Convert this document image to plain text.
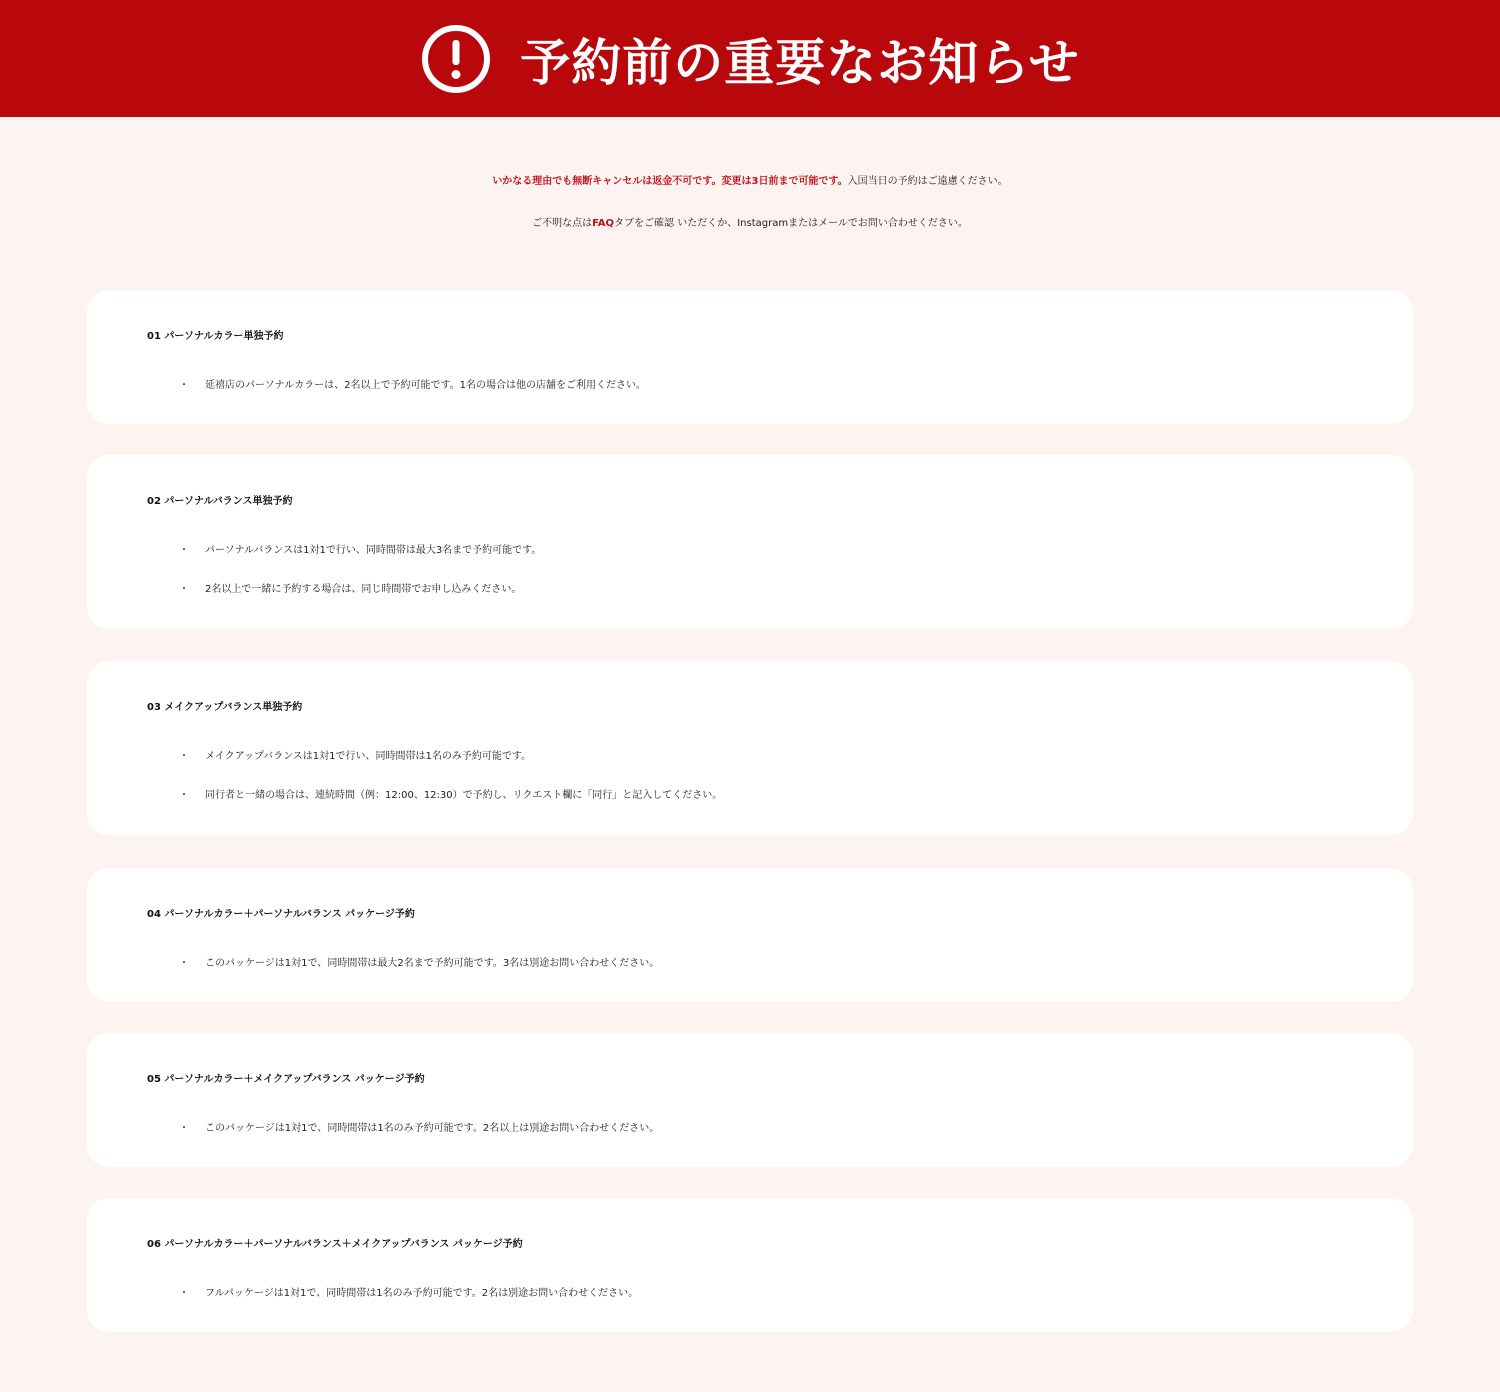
予約前の重要なお知らせ
いかなる理由でも無断キャンセルは返金不可です。変更は3日前まで可能です。入国当日の予約はご遠慮ください。
ご不明な点はFAQタブをご確認 いただくか、Instagramまたはメールでお問い合わせください。
01 パーソナルカラー単独予約
・ 延禧店のパーソナルカラーは、2名以上で予約可能です。1名の場合は他の店舗をご利用ください。
02 パーソナルバランス単独予約
・ パーソナルバランスは1対1で行い、同時間帯は最大3名まで予約可能です。
・ 2名以上で一緒に予約する場合は、同じ時間帯でお申し込みください。
03 メイクアップバランス単独予約
・ メイクアップバランスは1対1で行い、同時間帯は1名のみ予約可能です。
・ 同行者と一緒の場合は、連続時間（例：12:00、12:30）で予約し、リクエスト欄に「同行」と記入してください。
04 パーソナルカラー＋パーソナルバランス パッケージ予約
・ このパッケージは1対1で、同時間帯は最大2名まで予約可能です。3名は別途お問い合わせください。
05 パーソナルカラー＋メイクアップバランス パッケージ予約
・ このパッケージは1対1で、同時間帯は1名のみ予約可能です。2名以上は別途お問い合わせください。
06 パーソナルカラー＋パーソナルバランス＋メイクアップバランス パッケージ予約
・ フルパッケージは1対1で、同時間帯は1名のみ予約可能です。2名は別途お問い合わせください。
